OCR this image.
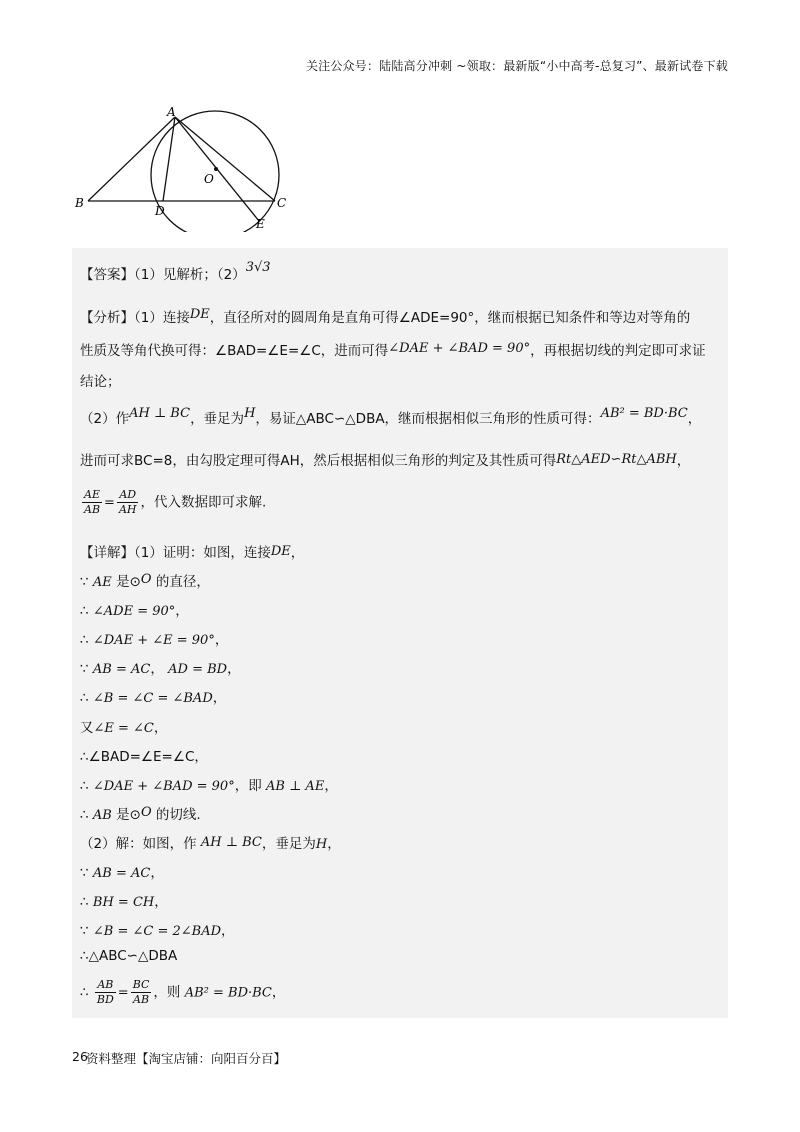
关注公众号：陆陆高分冲刺 ~领取：最新版“小中高考-总复习”、最新试卷下载
A
B	C
D
E
O
【答案】（1）见解析；（2）3√3
【分析】（1）连接DE，直径所对的圆周角是直角可得∠ADE=90°，继而根据已知条件和等边对等角的
性质及等角代换可得：∠BAD=∠E=∠C，进而可得∠DAE + ∠BAD = 90°，再根据切线的判定即可求证
结论；
（2）作AH ⊥ BC，垂足为H，易证△ABC∽△DBA，继而根据相似三角形的性质可得：AB² = BD·BC，
进而可求BC=8，由勾股定理可得AH，然后根据相似三角形的判定及其性质可得Rt△AED∽Rt△ABH，
$\frac{AE}{AB} = \frac{AD}{AH}$ ，代入数据即可求解.
【详解】（1）证明：如图，连接DE，
∵ AE 是⊙O 的直径，
∴ ∠ADE = 90°，
∴ ∠DAE + ∠E = 90°，
∵ AB = AC， AD = BD，
∴ ∠B = ∠C = ∠BAD，
又∠E = ∠C，
∴∠BAD=∠E=∠C，
∴ ∠DAE + ∠BAD = 90°，即 AB ⊥ AE，
∴ AB 是⊙O 的切线.
（2）解：如图，作 AH ⊥ BC，垂足为H，
∵ AB = AC，
∴ BH = CH，
∵ ∠B = ∠C = 2∠BAD，
∴△ABC∽△DBA
∴ $\frac{AB}{BD} = \frac{BC}{AB}$ ，则 AB² = BD·BC，
26
资料整理【淘宝店铺：向阳百分百】
